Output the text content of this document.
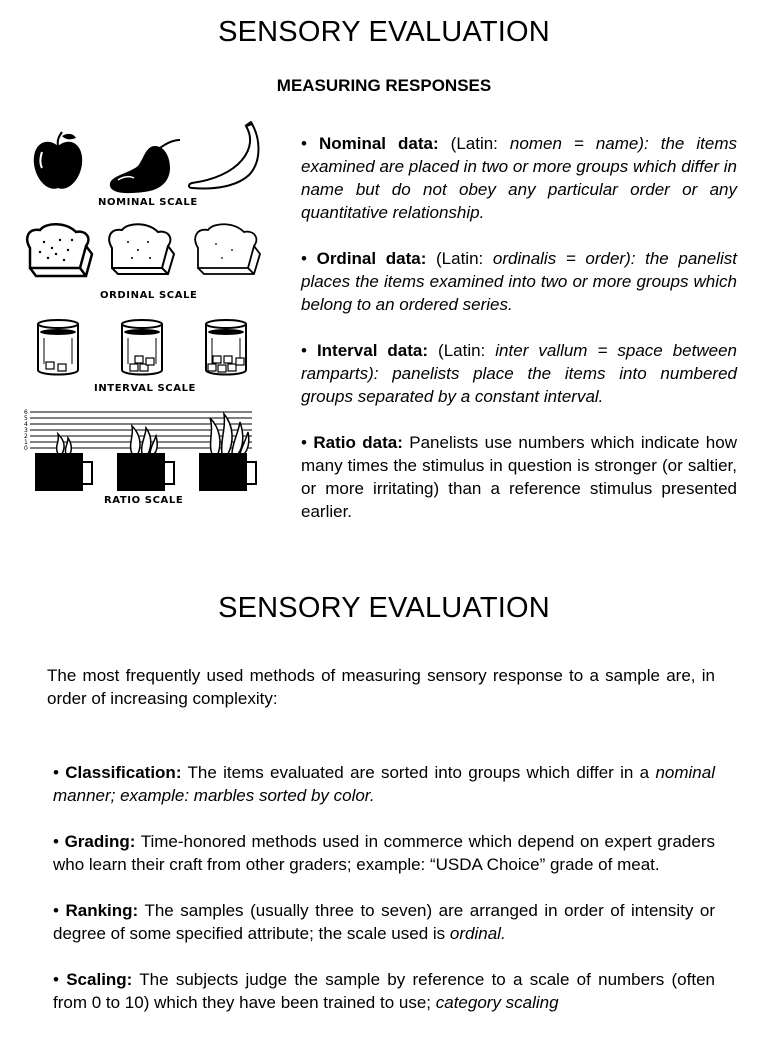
SENSORY EVALUATION
MEASURING RESPONSES
6
5
4
3
2
1
0
NOMINAL SCALE
ORDINAL SCALE
INTERVAL SCALE
RATIO SCALE

• Nominal data: (Latin: nomen = name): the items examined are placed in two or more groups which differ in name but do not obey any particular order or any quantitative relationship.

• Ordinal data: (Latin: ordinalis = order): the panelist places the items examined into two or more groups which belong to an ordered series.

• Interval data: (Latin: inter vallum = space between ramparts): panelists place the items into numbered groups separated by a constant interval.

• Ratio data: Panelists use numbers which indicate how many times the stimulus in question is stronger (or saltier, or more irritating) than a reference stimulus presented earlier.

SENSORY EVALUATION

The most frequently used methods of measuring sensory response to a sample are, in order of increasing complexity:

• Classification: The items evaluated are sorted into groups which differ in a nominal manner; example: marbles sorted by color.

• Grading: Time-honored methods used in commerce which depend on expert graders who learn their craft from other graders; example: “USDA Choice” grade of meat.

• Ranking: The samples (usually three to seven) are arranged in order of intensity or degree of some specified attribute; the scale used is ordinal.

• Scaling: The subjects judge the sample by reference to a scale of numbers (often from 0 to 10) which they have been trained to use; category scaling
